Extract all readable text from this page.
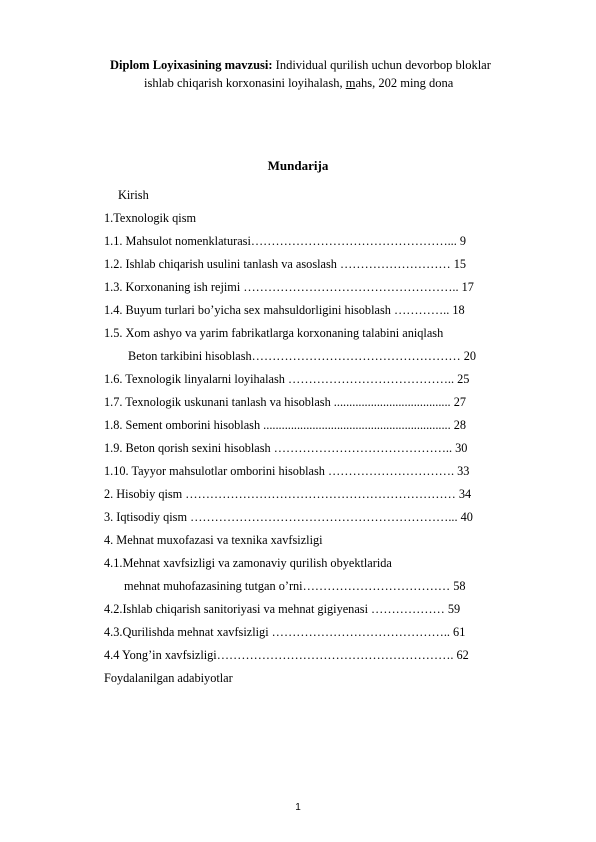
Diplom Loyixasining mavzusi: Individual qurilish uchun devorbop bloklar
ishlab chiqarish korxonasini loyihalash, mahs, 202 ming dona
Mundarija
Kirish
1.Texnologik qism
1.1. Mahsulot nomenklaturasi…………………………………………... 9
1.2. Ishlab chiqarish usulini tanlash va asoslash ……………………… 15
1.3. Korxonaning ish rejimi …………………………………………….. 17
1.4. Buyum turlari bo’yicha sex mahsuldorligini hisoblash ………….. 18
1.5. Xom ashyo va yarim fabrikatlarga korxonaning talabini aniqlash
Beton tarkibini hisoblash…………………………………………… 20
1.6. Texnologik linyalarni loyihalash ………………………………….. 25
1.7. Texnologik uskunani tanlash va hisoblash ...................................... 27
1.8. Sement omborini hisoblash ............................................................. 28
1.9. Beton qorish sexini hisoblash …………………………………….. 30
1.10. Tayyor mahsulotlar omborini hisoblash …………………………. 33
2. Hisobiy qism ………………………………………………………… 34
3. Iqtisodiy qism ………………………………………………………... 40
4. Mehnat muxofazasi va texnika xavfsizligi
4.1.Mehnat xavfsizligi va zamonaviy qurilish obyektlarida
mehnat muhofazasining tutgan o’rni……………………………… 58
4.2.Ishlab chiqarish sanitoriyasi va mehnat gigiyenasi ……………… 59
4.3.Qurilishda mehnat xavfsizligi …………………………………….. 61
4.4 Yong’in xavfsizligi…………………………………………………. 62
Foydalanilgan adabiyotlar
1
